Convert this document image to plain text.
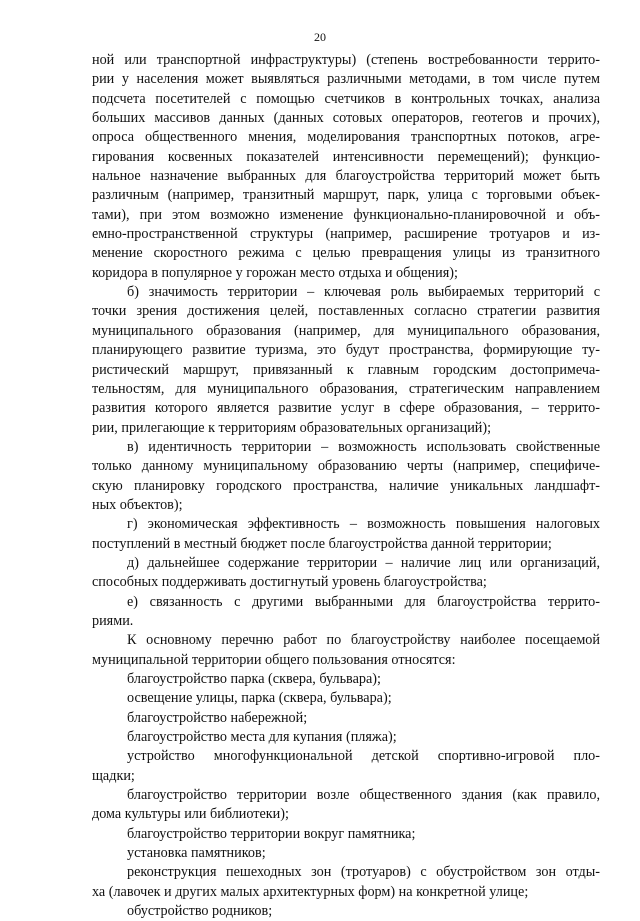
20
ной или транспортной инфраструктуры) (степень востребованности террито-
рии у населения может выявляться различными методами, в том числе путем
подсчета посетителей с помощью счетчиков в контрольных точках, анализа
больших массивов данных (данных сотовых операторов, геотегов и прочих),
опроса общественного мнения, моделирования транспортных потоков, агре-
гирования косвенных показателей интенсивности перемещений); функцио-
нальное назначение выбранных для благоустройства территорий может быть
различным (например, транзитный маршрут, парк, улица с торговыми объек-
тами), при этом возможно изменение функционально-планировочной и объ-
емно-пространственной структуры (например, расширение тротуаров и из-
менение скоростного режима с целью превращения улицы из транзитного
коридора в популярное у горожан место отдыха и общения);
б) значимость территории – ключевая роль выбираемых территорий с
точки зрения достижения целей, поставленных согласно стратегии развития
муниципального образования (например, для муниципального образования,
планирующего развитие туризма, это будут пространства, формирующие ту-
ристический маршрут, привязанный к главным городским достопримеча-
тельностям, для муниципального образования, стратегическим направлением
развития которого является развитие услуг в сфере образования, – террито-
рии, прилегающие к территориям образовательных организаций);
в) идентичность территории – возможность использовать свойственные
только данному муниципальному образованию черты (например, специфиче-
скую планировку городского пространства, наличие уникальных ландшафт-
ных объектов);
г) экономическая эффективность – возможность повышения налоговых
поступлений в местный бюджет после благоустройства данной территории;
д) дальнейшее содержание территории – наличие лиц или организаций,
способных поддерживать достигнутый уровень благоустройства;
е) связанность с другими выбранными для благоустройства террито-
риями.
К основному перечню работ по благоустройству наиболее посещаемой
муниципальной территории общего пользования относятся:
благоустройство парка (сквера, бульвара);
освещение улицы, парка (сквера, бульвара);
благоустройство набережной;
благоустройство места для купания (пляжа);
устройство многофункциональной детской спортивно-игровой пло-
щадки;
благоустройство территории возле общественного здания (как правило,
дома культуры или библиотеки);
благоустройство территории вокруг памятника;
установка памятников;
реконструкция пешеходных зон (тротуаров) с обустройством зон отды-
ха (лавочек и других малых архитектурных форм) на конкретной улице;
обустройство родников;
